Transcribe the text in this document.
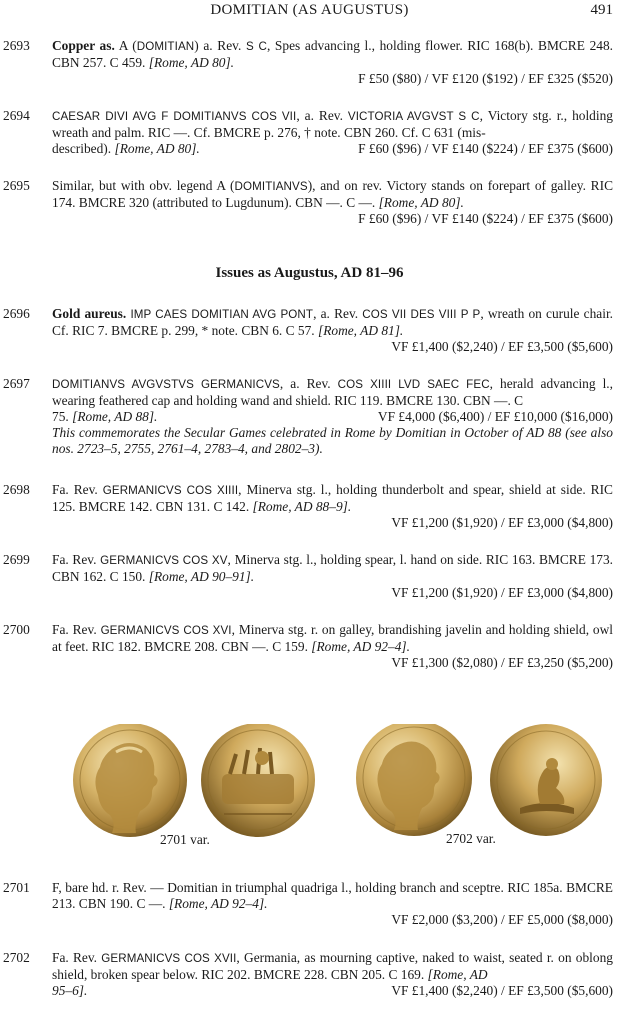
DOMITIAN (AS AUGUSTUS)	491
2693 Copper as. A (DOMITIAN) a. Rev. S C, Spes advancing l., holding flower. RIC 168(b). BMCRE 248. CBN 257. C 459. [Rome, AD 80].
F £50 ($80) / VF £120 ($192) / EF £325 ($520)
2694 CAESAR DIVI AVG F DOMITIANVS COS VII, a. Rev. VICTORIA AVGVST S C, Victory stg. r., holding wreath and palm. RIC —. Cf. BMCRE p. 276, † note. CBN 260. Cf. C 631 (mis-
described). [Rome, AD 80].	F £60 ($96) / VF £140 ($224) / EF £375 ($600)
2695 Similar, but with obv. legend A (DOMITIANVS), and on rev. Victory stands on forepart of galley. RIC 174. BMCRE 320 (attributed to Lugdunum). CBN —. C —. [Rome, AD 80].
F £60 ($96) / VF £140 ($224) / EF £375 ($600)
Issues as Augustus, AD 81–96
2696 Gold aureus. IMP CAES DOMITIAN AVG PONT, a. Rev. COS VII DES VIII P P, wreath on curule chair. Cf. RIC 7. BMCRE p. 299, * note. CBN 6. C 57. [Rome, AD 81].
VF £1,400 ($2,240) / EF £3,500 ($5,600)
2697 DOMITIANVS AVGVSTVS GERMANICVS, a. Rev. COS XIIII LVD SAEC FEC, herald advancing l., wearing feathered cap and holding wand and shield. RIC 119. BMCRE 130. CBN —. C
75. [Rome, AD 88].	VF £4,000 ($6,400) / EF £10,000 ($16,000)
This commemorates the Secular Games celebrated in Rome by Domitian in October of AD 88 (see also nos. 2723–5, 2755, 2761–4, 2783–4, and 2802–3).
2698 Fa. Rev. GERMANICVS COS XIIII, Minerva stg. l., holding thunderbolt and spear, shield at side. RIC 125. BMCRE 142. CBN 131. C 142. [Rome, AD 88–9].
VF £1,200 ($1,920) / EF £3,000 ($4,800)
2699 Fa. Rev. GERMANICVS COS XV, Minerva stg. l., holding spear, l. hand on side. RIC 163. BMCRE 173. CBN 162. C 150. [Rome, AD 90–91].
VF £1,200 ($1,920) / EF £3,000 ($4,800)
2700 Fa. Rev. GERMANICVS COS XVI, Minerva stg. r. on galley, brandishing javelin and holding shield, owl at feet. RIC 182. BMCRE 208. CBN —. C 159. [Rome, AD 92–4].
VF £1,300 ($2,080) / EF £3,250 ($5,200)
2701 var.	2702 var.
2701 F, bare hd. r. Rev. — Domitian in triumphal quadriga l., holding branch and sceptre. RIC 185a. BMCRE 213. CBN 190. C —. [Rome, AD 92–4].
VF £2,000 ($3,200) / EF £5,000 ($8,000)
2702 Fa. Rev. GERMANICVS COS XVII, Germania, as mourning captive, naked to waist, seated r. on oblong shield, broken spear below. RIC 202. BMCRE 228. CBN 205. C 169. [Rome, AD
95–6].	VF £1,400 ($2,240) / EF £3,500 ($5,600)
